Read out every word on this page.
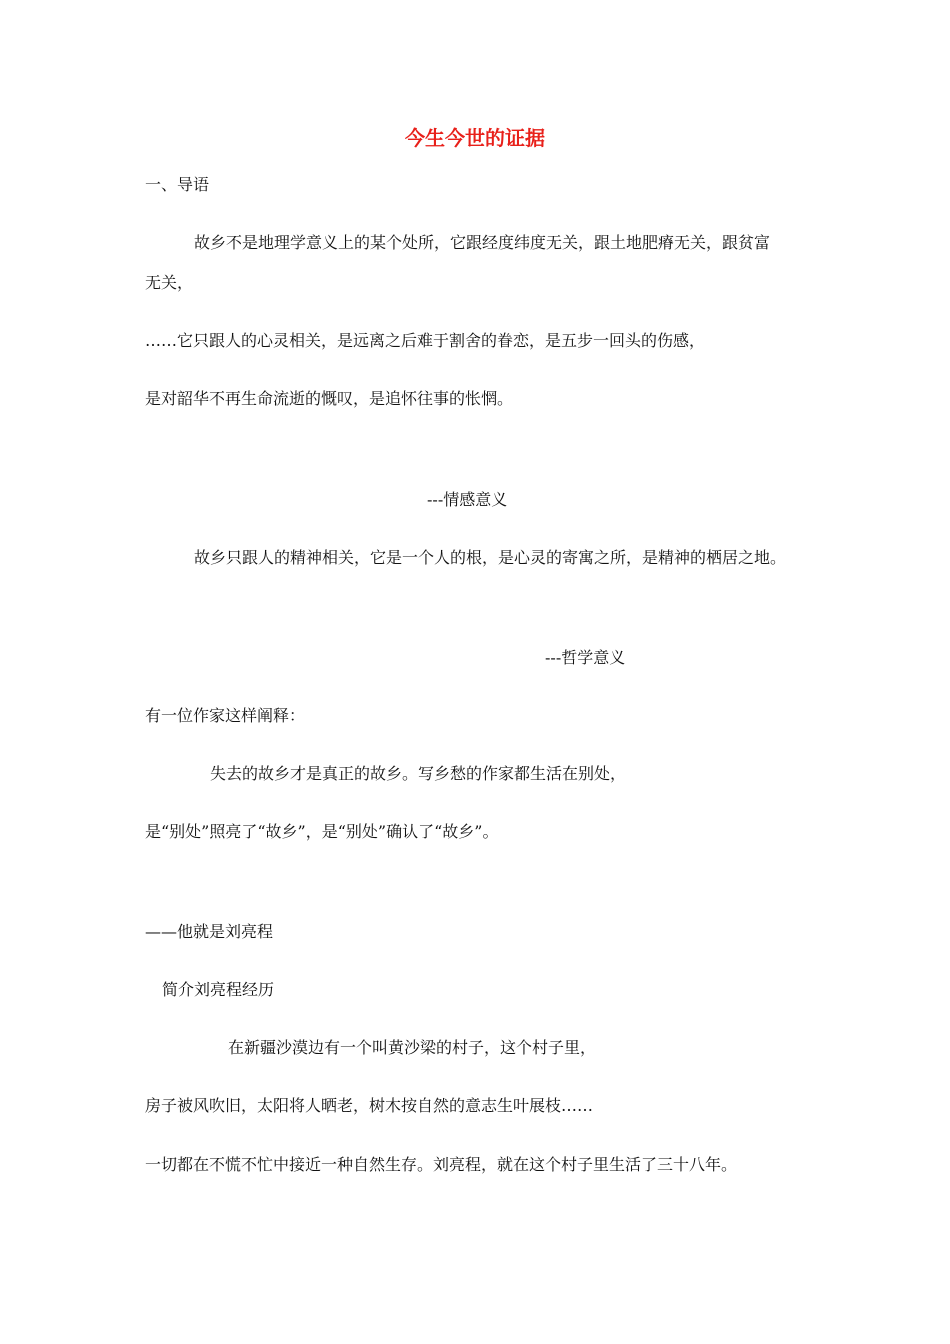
今生今世的证据
一、导语
故乡不是地理学意义上的某个处所，它跟经度纬度无关，跟土地肥瘠无关，跟贫富
无关，
……它只跟人的心灵相关，是远离之后难于割舍的眷恋，是五步一回头的伤感，
是对韶华不再生命流逝的慨叹，是追怀往事的怅惘。
---情感意义
故乡只跟人的精神相关，它是一个人的根，是心灵的寄寓之所，是精神的栖居之地。
---哲学意义
有一位作家这样阐释：
失去的故乡才是真正的故乡。写乡愁的作家都生活在别处，
是“别处”照亮了“故乡”，是“别处”确认了“故乡”。
——他就是刘亮程
简介刘亮程经历
在新疆沙漠边有一个叫黄沙梁的村子，这个村子里，
房子被风吹旧，太阳将人晒老，树木按自然的意志生叶展枝……
一切都在不慌不忙中接近一种自然生存。刘亮程，就在这个村子里生活了三十八年。
